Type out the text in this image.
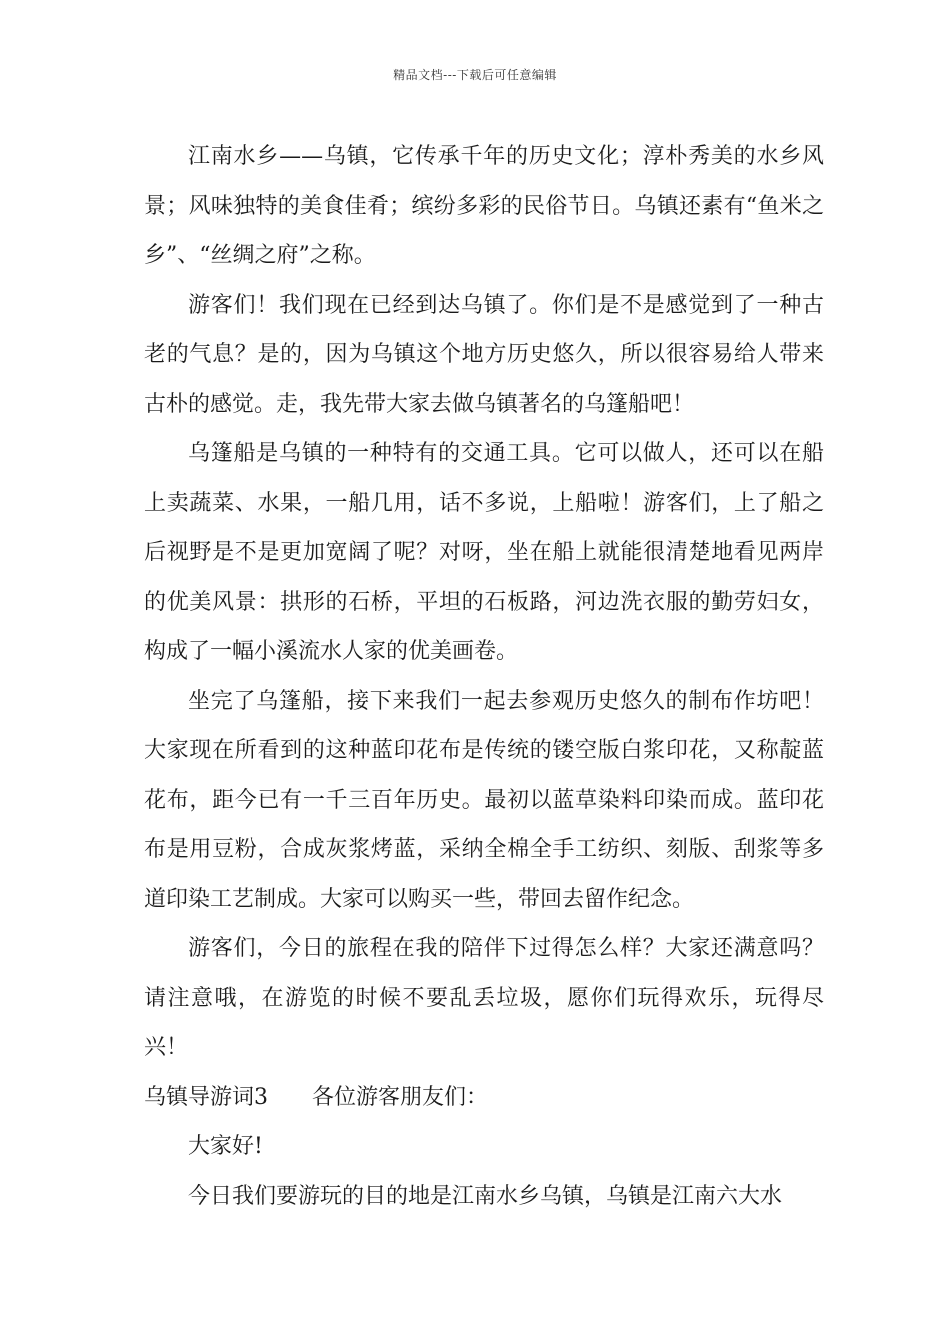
精品文档---下载后可任意编辑

江南水乡——乌镇，它传承千年的历史文化；淳朴秀美的水乡风景；风味独特的美食佳肴；缤纷多彩的民俗节日。乌镇还素有“鱼米之乡”、“丝绸之府”之称。

游客们！我们现在已经到达乌镇了。你们是不是感觉到了一种古老的气息？是的，因为乌镇这个地方历史悠久，所以很容易给人带来古朴的感觉。走，我先带大家去做乌镇著名的乌篷船吧！

乌篷船是乌镇的一种特有的交通工具。它可以做人，还可以在船上卖蔬菜、水果，一船几用，话不多说，上船啦！游客们，上了船之后视野是不是更加宽阔了呢？对呀，坐在船上就能很清楚地看见两岸的优美风景：拱形的石桥，平坦的石板路，河边洗衣服的勤劳妇女，构成了一幅小溪流水人家的优美画卷。

坐完了乌篷船，接下来我们一起去参观历史悠久的制布作坊吧！大家现在所看到的这种蓝印花布是传统的镂空版白浆印花，又称靛蓝花布，距今已有一千三百年历史。最初以蓝草染料印染而成。蓝印花布是用豆粉，合成灰浆烤蓝，采纳全棉全手工纺织、刻版、刮浆等多道印染工艺制成。大家可以购买一些，带回去留作纪念。

游客们，今日的旅程在我的陪伴下过得怎么样？大家还满意吗？请注意哦，在游览的时候不要乱丢垃圾，愿你们玩得欢乐，玩得尽兴！

乌镇导游词3 各位游客朋友们：

大家好!

今日我们要游玩的目的地是江南水乡乌镇，乌镇是江南六大水
